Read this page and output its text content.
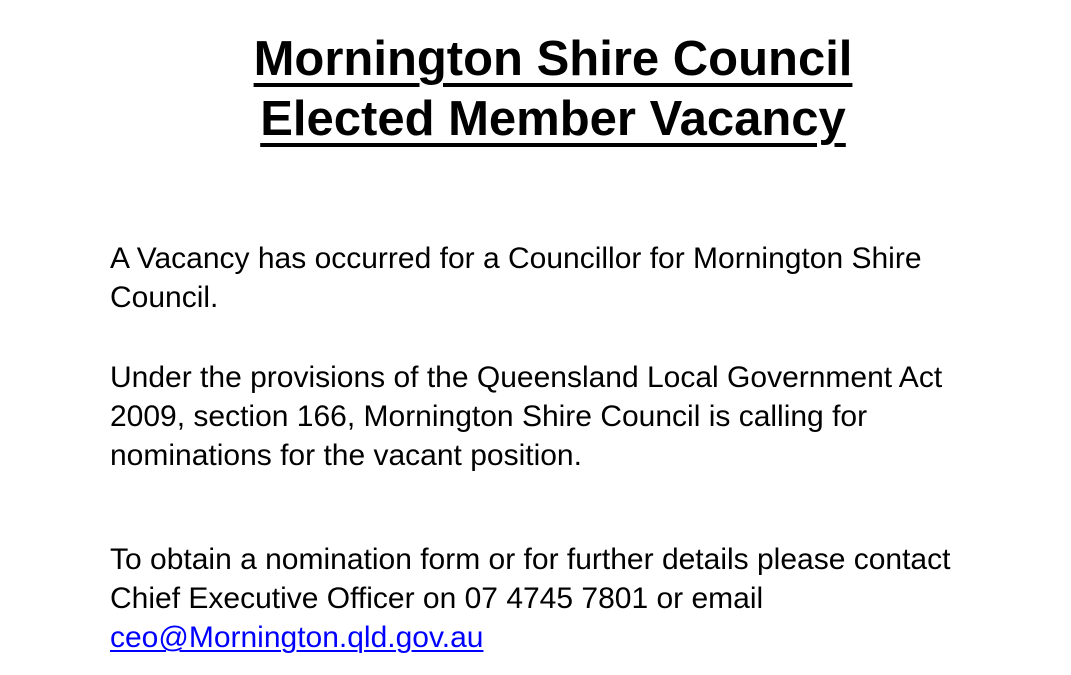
Mornington Shire Council
Elected Member Vacancy

A Vacancy has occurred for a Councillor for Mornington Shire Council.

Under the provisions of the Queensland Local Government Act 2009, section 166, Mornington Shire Council is calling for nominations for the vacant position.

To obtain a nomination form or for further details please contact Chief Executive Officer on 07 4745 7801 or email
ceo@Mornington.qld.gov.au
